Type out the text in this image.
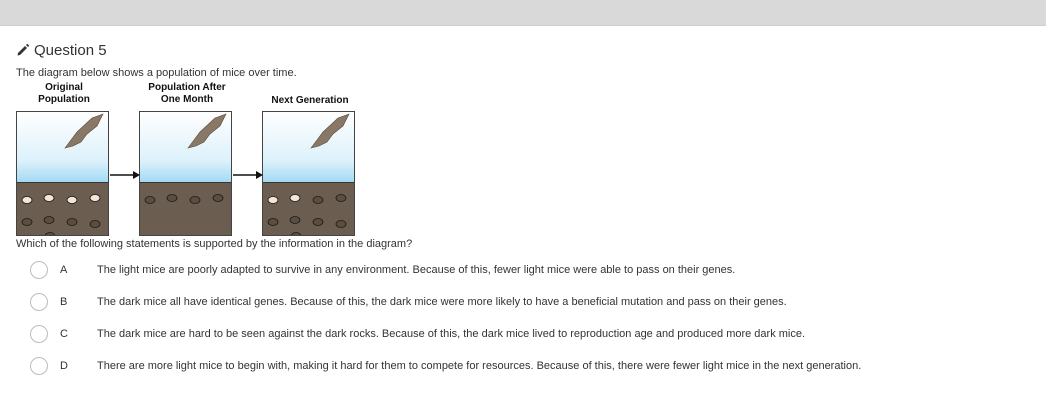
Question 5
The diagram below shows a population of mice over time.
Original
Population
Population After
One Month	Next Generation
Which of the following statements is supported by the information in the diagram?
A	The light mice are poorly adapted to survive in any environment. Because of this, fewer light mice were able to pass on their genes.
B	The dark mice all have identical genes. Because of this, the dark mice were more likely to have a beneficial mutation and pass on their genes.
C	The dark mice are hard to be seen against the dark rocks. Because of this, the dark mice lived to reproduction age and produced more dark mice.
D	There are more light mice to begin with, making it hard for them to compete for resources. Because of this, there were fewer light mice in the next generation.
